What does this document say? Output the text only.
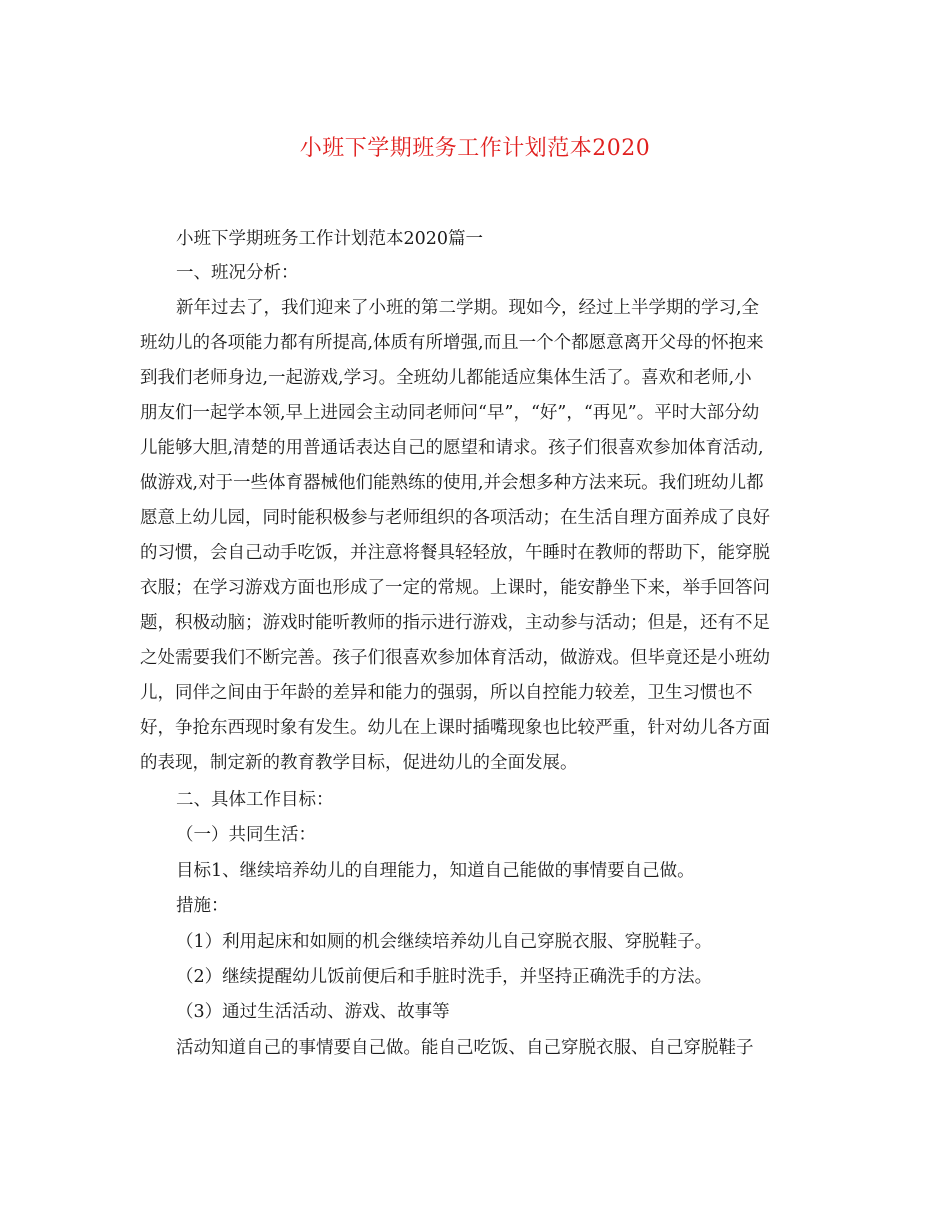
小班下学期班务工作计划范本2020
小班下学期班务工作计划范本2020篇一
一、班况分析：
新年过去了，我们迎来了小班的第二学期。现如今，经过上半学期的学习,全
班幼儿的各项能力都有所提高,体质有所增强,而且一个个都愿意离开父母的怀抱来
到我们老师身边,一起游戏,学习。全班幼儿都能适应集体生活了。喜欢和老师,小
朋友们一起学本领,早上进园会主动同老师问“早”，“好”，“再见”。平时大部分幼
儿能够大胆,清楚的用普通话表达自己的愿望和请求。孩子们很喜欢参加体育活动,
做游戏,对于一些体育器械他们能熟练的使用,并会想多种方法来玩。我们班幼儿都
愿意上幼儿园，同时能积极参与老师组织的各项活动；在生活自理方面养成了良好
的习惯，会自己动手吃饭，并注意将餐具轻轻放，午睡时在教师的帮助下，能穿脱
衣服；在学习游戏方面也形成了一定的常规。上课时，能安静坐下来，举手回答问
题，积极动脑；游戏时能听教师的指示进行游戏，主动参与活动；但是，还有不足
之处需要我们不断完善。孩子们很喜欢参加体育活动，做游戏。但毕竟还是小班幼
儿，同伴之间由于年龄的差异和能力的强弱，所以自控能力较差，卫生习惯也不
好，争抢东西现时象有发生。幼儿在上课时插嘴现象也比较严重，针对幼儿各方面
的表现，制定新的教育教学目标，促进幼儿的全面发展。
二、具体工作目标：
（一）共同生活：
目标1、继续培养幼儿的自理能力，知道自己能做的事情要自己做。
措施：
（1）利用起床和如厕的机会继续培养幼儿自己穿脱衣服、穿脱鞋子。
（2）继续提醒幼儿饭前便后和手脏时洗手，并坚持正确洗手的方法。
（3）通过生活活动、游戏、故事等
活动知道自己的事情要自己做。能自己吃饭、自己穿脱衣服、自己穿脱鞋子
